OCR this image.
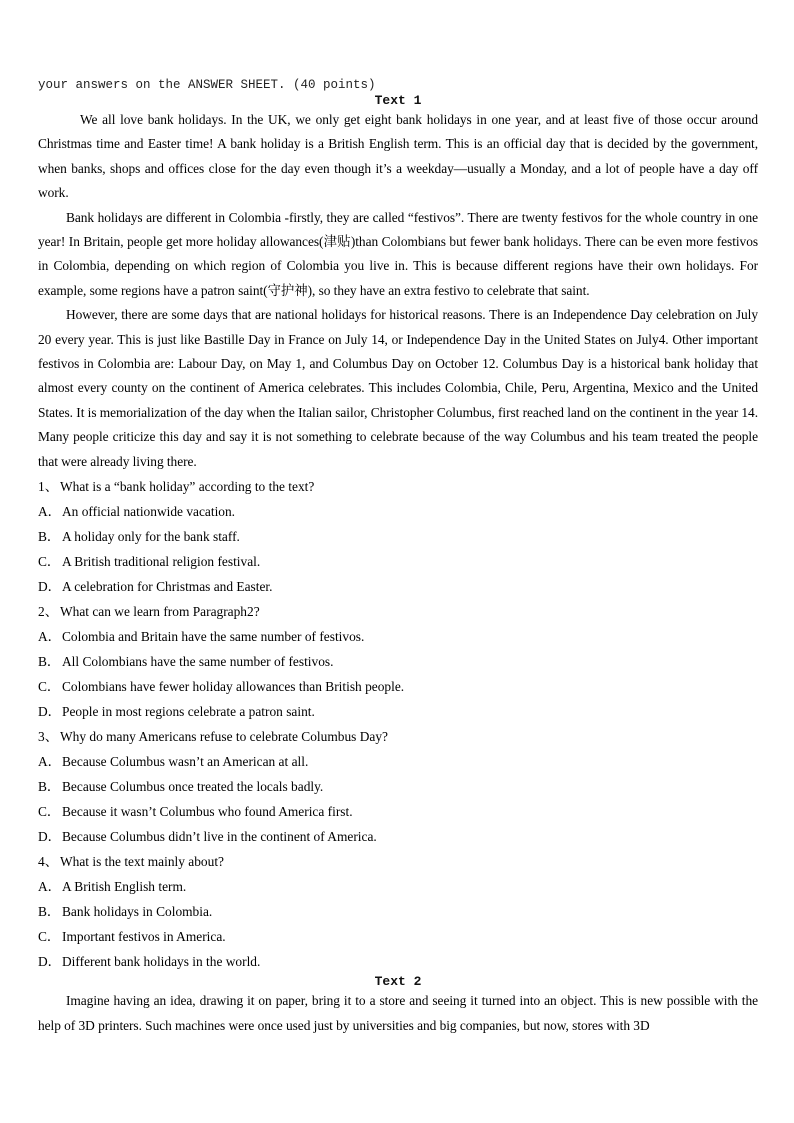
your answers on the ANSWER SHEET. (40 points)
Text 1

We all love bank holidays. In the UK, we only get eight bank holidays in one year, and at least five of those occur around Christmas time and Easter time! A bank holiday is a British English term. This is an official day that is decided by the government, when banks, shops and offices close for the day even though it’s a weekday—usually a Monday, and a lot of people have a day off work.

Bank holidays are different in Colombia -firstly, they are called “festivos”. There are twenty festivos for the whole country in one year! In Britain, people get more holiday allowances(津贴)than Colombians but fewer bank holidays. There can be even more festivos in Colombia, depending on which region of Colombia you live in. This is because different regions have their own holidays. For example, some regions have a patron saint(守护神), so they have an extra festivo to celebrate that saint.

However, there are some days that are national holidays for historical reasons. There is an Independence Day celebration on July 20 every year. This is just like Bastille Day in France on July 14, or Independence Day in the United States on July4. Other important festivos in Colombia are: Labour Day, on May 1, and Columbus Day on October 12. Columbus Day is a historical bank holiday that almost every county on the continent of America celebrates. This includes Colombia, Chile, Peru, Argentina, Mexico and the United States. It is memorialization of the day when the Italian sailor, Christopher Columbus, first reached land on the continent in the year 14. Many people criticize this day and say it is not something to celebrate because of the way Columbus and his team treated the people that were already living there.

1、 What is a “bank holiday” according to the text?

A．An official nationwide vacation.

B． A holiday only for the bank staff.

C． A British traditional religion festival.

D．A celebration for Christmas and Easter.

2、 What can we learn from Paragraph2?

A．Colombia and Britain have the same number of festivos.

B． All Colombians have the same number of festivos.

C． Colombians have fewer holiday allowances than British people.

D．People in most regions celebrate a patron saint.

3、 Why do many Americans refuse to celebrate Columbus Day?

A．Because Columbus wasn’t an American at all.

B． Because Columbus once treated the locals badly.

C． Because it wasn’t Columbus who found America first.

D．Because Columbus didn’t live in the continent of America.

4、 What is the text mainly about?

A．A British English term.

B． Bank holidays in Colombia.

C． Important festivos in America.

D．Different bank holidays in the world.

Text 2

Imagine having an idea, drawing it on paper, bring it to a store and seeing it turned into an object. This is new possible with the help of 3D printers. Such machines were once used just by universities and big companies, but now, stores with 3D
